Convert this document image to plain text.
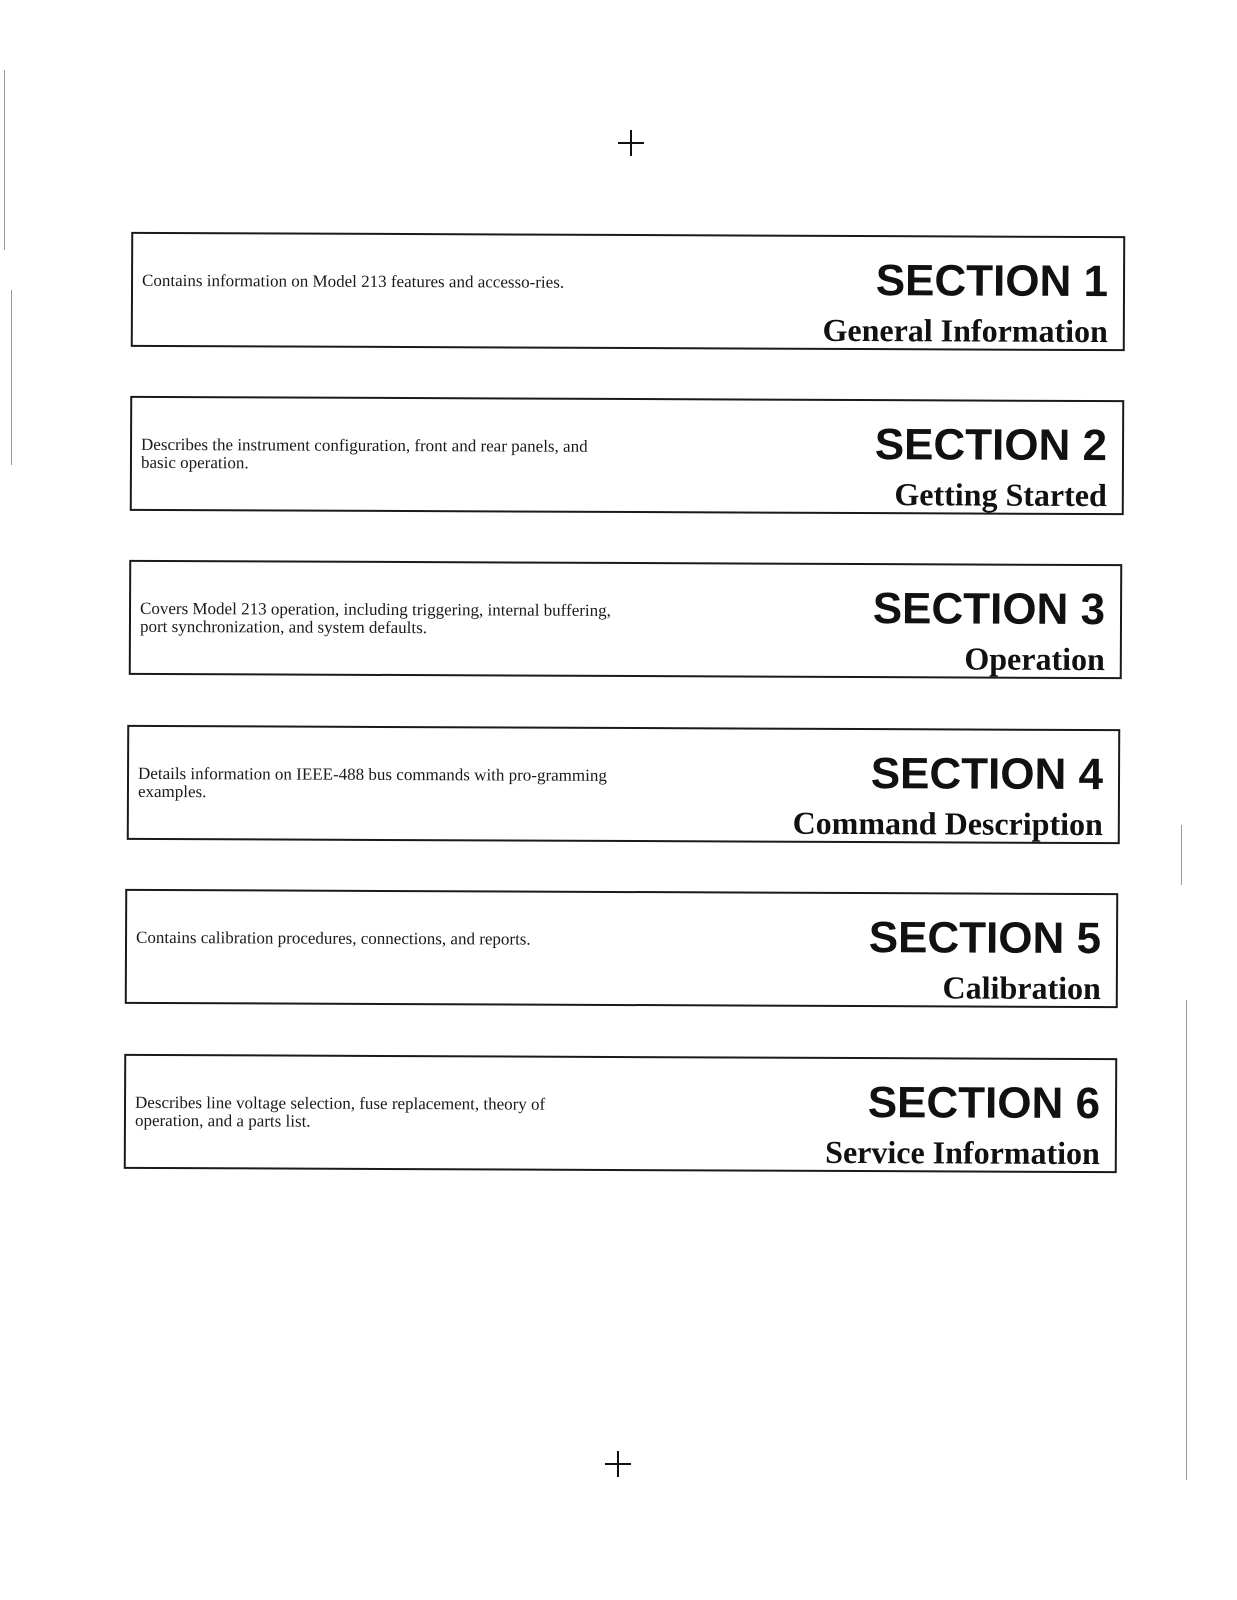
Contains information on Model 213 features and accesso-ries.	SECTION 1
General Information
Describes the instrument configuration, front and rear panels, and basic operation.	SECTION 2
Getting Started
Covers Model 213 operation, including triggering, internal buffering, port synchronization, and system defaults.	SECTION 3
Operation
Details information on IEEE-488 bus commands with pro-gramming examples.	SECTION 4
Command Description
Contains calibration procedures, connections, and reports.	SECTION 5
Calibration
Describes line voltage selection, fuse replacement, theory of operation, and a parts list.	SECTION 6
Service Information
